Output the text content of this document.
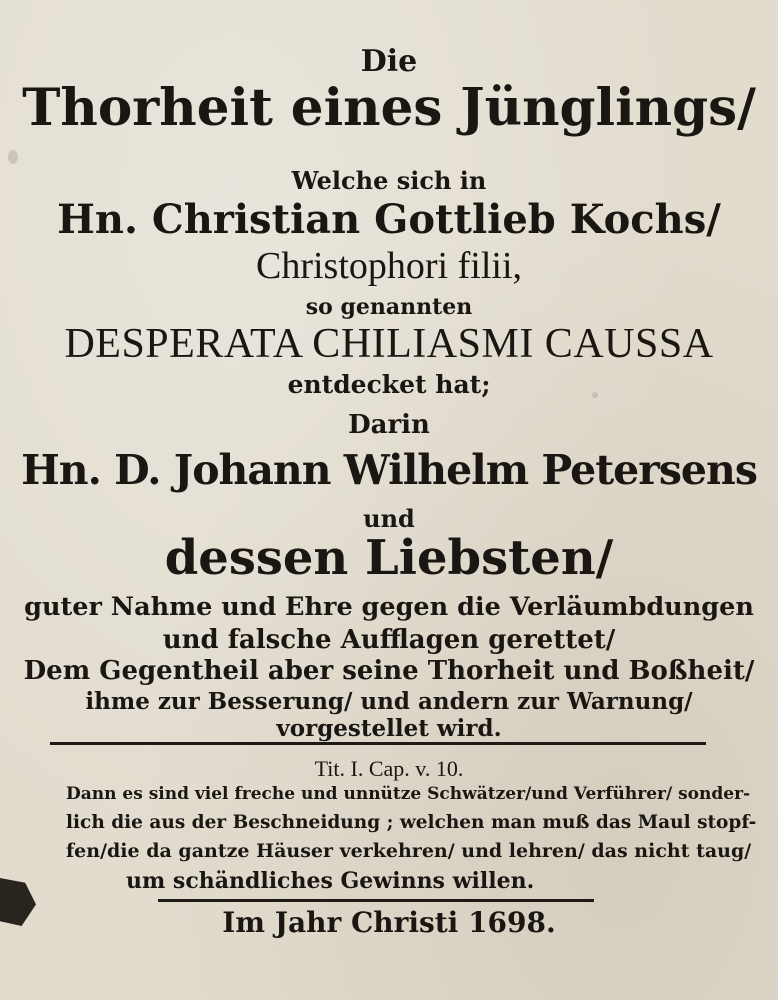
Die
Thorheit eines Jünglings/
Welche sich in
Hn. Christian Gottlieb Kochs/
Christophori filii,
so genannten
DESPERATA CHILIASMI CAUSSA
entdecket hat;
Darin
Hn. D. Johann Wilhelm Petersens
und
dessen Liebsten/
guter Nahme und Ehre gegen die Verläumbdungen
und falsche Aufflagen gerettet/
Dem Gegentheil aber seine Thorheit und Boßheit/
ihme zur Besserung/ und andern zur Warnung/
vorgestellet wird.
Tit. I. Cap. v. 10.
Dann es sind viel freche und unnütze Schwätzer/und Verführer/ sonder-
lich die aus der Beschneidung ; welchen man muß das Maul stopf-
fen/die da gantze Häuser verkehren/ und lehren/ das nicht taug/
um schändliches Gewinns willen.
Im Jahr Christi 1698.
